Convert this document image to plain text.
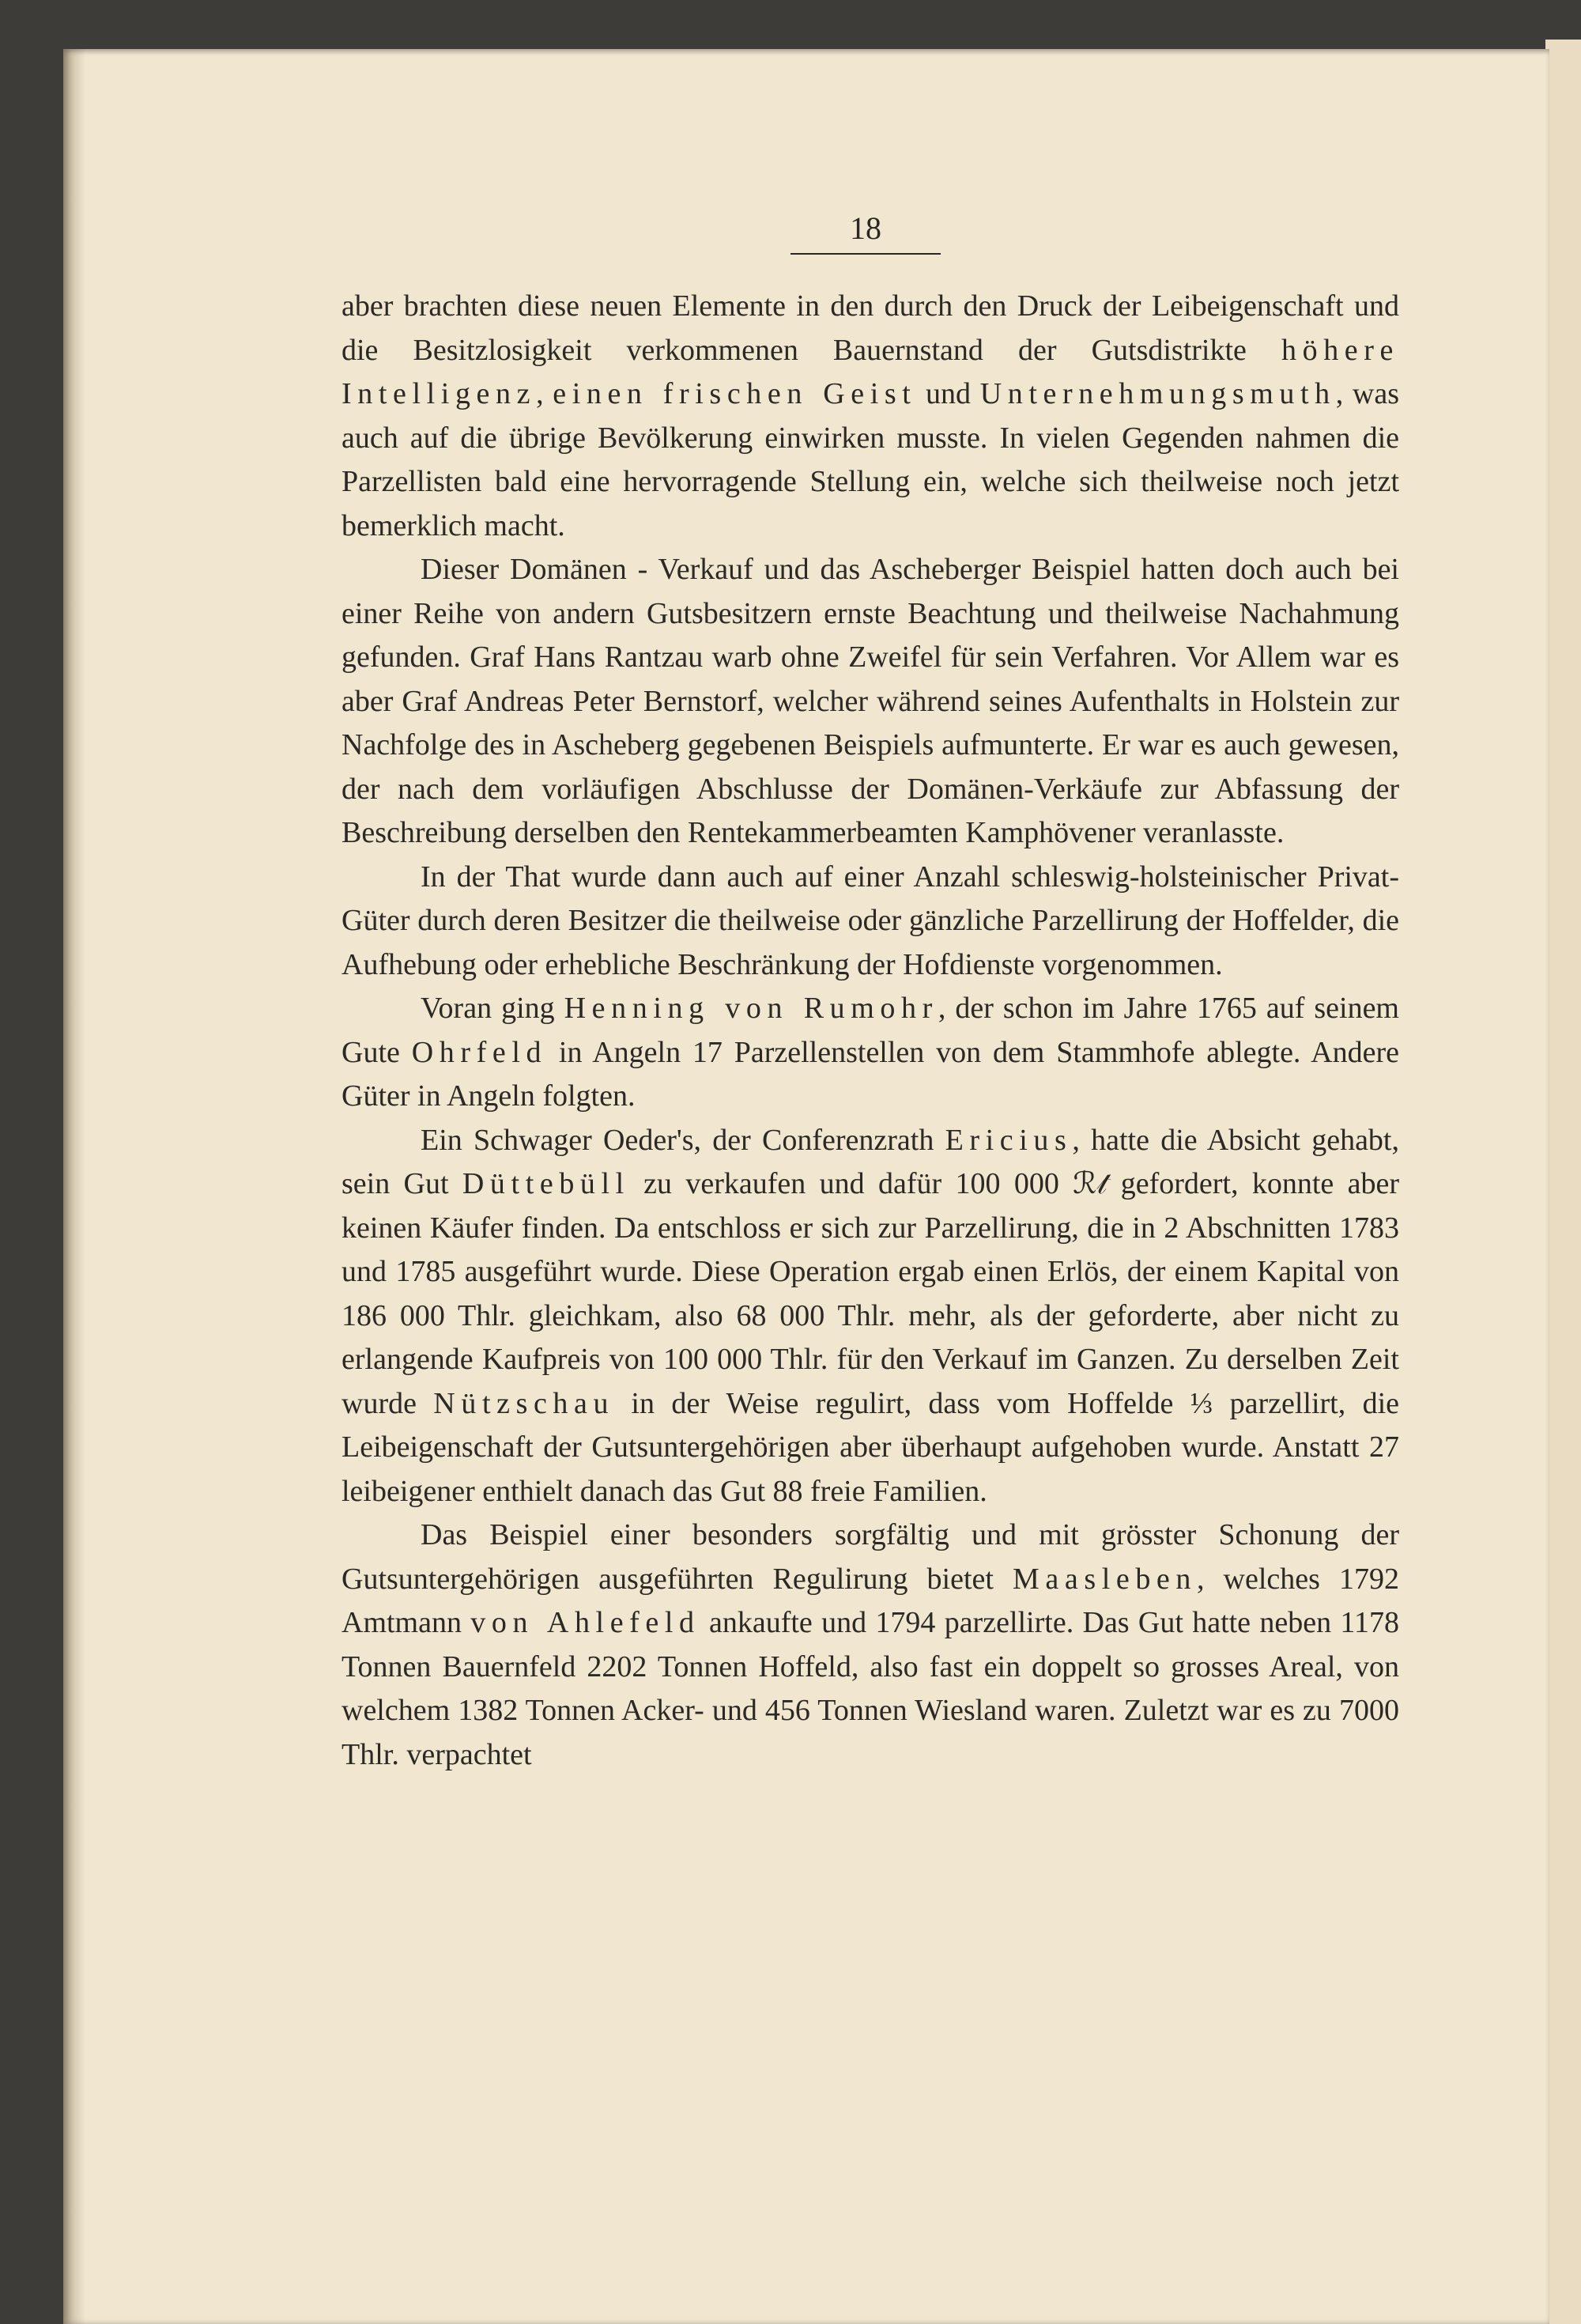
18

aber brachten diese neuen Elemente in den durch den Druck der Leibeigenschaft und die Besitzlosigkeit verkommenen Bauernstand der Gutsdistrikte höhere Intelligenz, einen frischen Geist und Unternehmungsmuth, was auch auf die übrige Bevölkerung einwirken musste. In vielen Gegenden nahmen die Parzellisten bald eine hervorragende Stellung ein, welche sich theilweise noch jetzt bemerklich macht.

Dieser Domänen - Verkauf und das Ascheberger Beispiel hatten doch auch bei einer Reihe von andern Gutsbesitzern ernste Beachtung und theilweise Nachahmung gefunden. Graf Hans Rantzau warb ohne Zweifel für sein Verfahren. Vor Allem war es aber Graf Andreas Peter Bernstorf, welcher während seines Aufenthalts in Holstein zur Nachfolge des in Ascheberg gegebenen Beispiels aufmunterte. Er war es auch gewesen, der nach dem vorläufigen Abschlusse der Domänen-Verkäufe zur Abfassung der Beschreibung derselben den Rentekammerbeamten Kamphövener veranlasste.

In der That wurde dann auch auf einer Anzahl schleswig-holsteinischer Privat-Güter durch deren Besitzer die theilweise oder gänzliche Parzellirung der Hoffelder, die Aufhebung oder erhebliche Beschränkung der Hofdienste vorgenommen.

Voran ging Henning von Rumohr, der schon im Jahre 1765 auf seinem Gute Ohrfeld in Angeln 17 Parzellenstellen von dem Stammhofe ablegte. Andere Güter in Angeln folgten.

Ein Schwager Oeder's, der Conferenzrath Ericius, hatte die Absicht gehabt, sein Gut Düttebüll zu verkaufen und dafür 100 000 ℛ𝓉 gefordert, konnte aber keinen Käufer finden. Da entschloss er sich zur Parzellirung, die in 2 Abschnitten 1783 und 1785 ausgeführt wurde. Diese Operation ergab einen Erlös, der einem Kapital von 186 000 Thlr. gleichkam, also 68 000 Thlr. mehr, als der geforderte, aber nicht zu erlangende Kaufpreis von 100 000 Thlr. für den Verkauf im Ganzen. Zu derselben Zeit wurde Nützschau in der Weise regulirt, dass vom Hoffelde ⅓ parzellirt, die Leibeigenschaft der Gutsuntergehörigen aber überhaupt aufgehoben wurde. Anstatt 27 leibeigener enthielt danach das Gut 88 freie Familien.

Das Beispiel einer besonders sorgfältig und mit grösster Schonung der Gutsuntergehörigen ausgeführten Regulirung bietet Maasleben, welches 1792 Amtmann von Ahlefeld ankaufte und 1794 parzellirte. Das Gut hatte neben 1178 Tonnen Bauernfeld 2202 Tonnen Hoffeld, also fast ein doppelt so grosses Areal, von welchem 1382 Tonnen Acker- und 456 Tonnen Wiesland waren. Zuletzt war es zu 7000 Thlr. verpachtet
